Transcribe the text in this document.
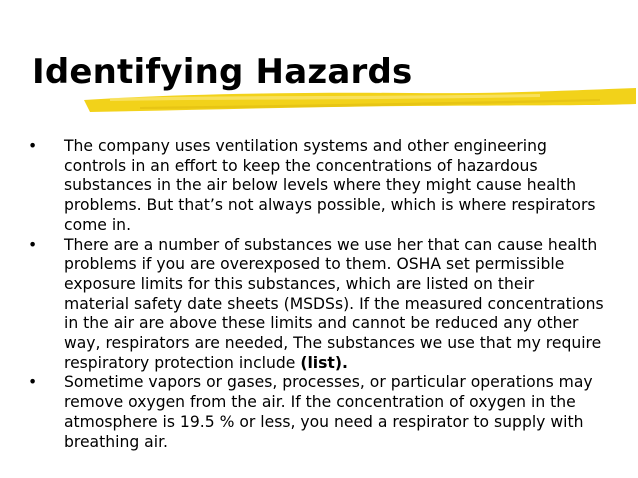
Identifying Hazards
• The company uses ventilation systems and other engineering controls in an effort to keep the concentrations of hazardous substances in the air below levels where they might cause health problems. But that’s not always possible, which is where respirators come in.
• There are a number of substances we use her that can cause health problems if you are overexposed to them. OSHA set permissible exposure limits for this substances, which are listed on their material safety date sheets (MSDSs). If the measured concentrations in the air are above these limits and cannot be reduced any other way, respirators are needed, The substances we use that my require respiratory protection include (list).
• Sometime vapors or gases, processes, or particular operations may remove oxygen from the air. If the concentration of oxygen in the atmosphere is 19.5 % or less, you need a respirator to supply with breathing air.
